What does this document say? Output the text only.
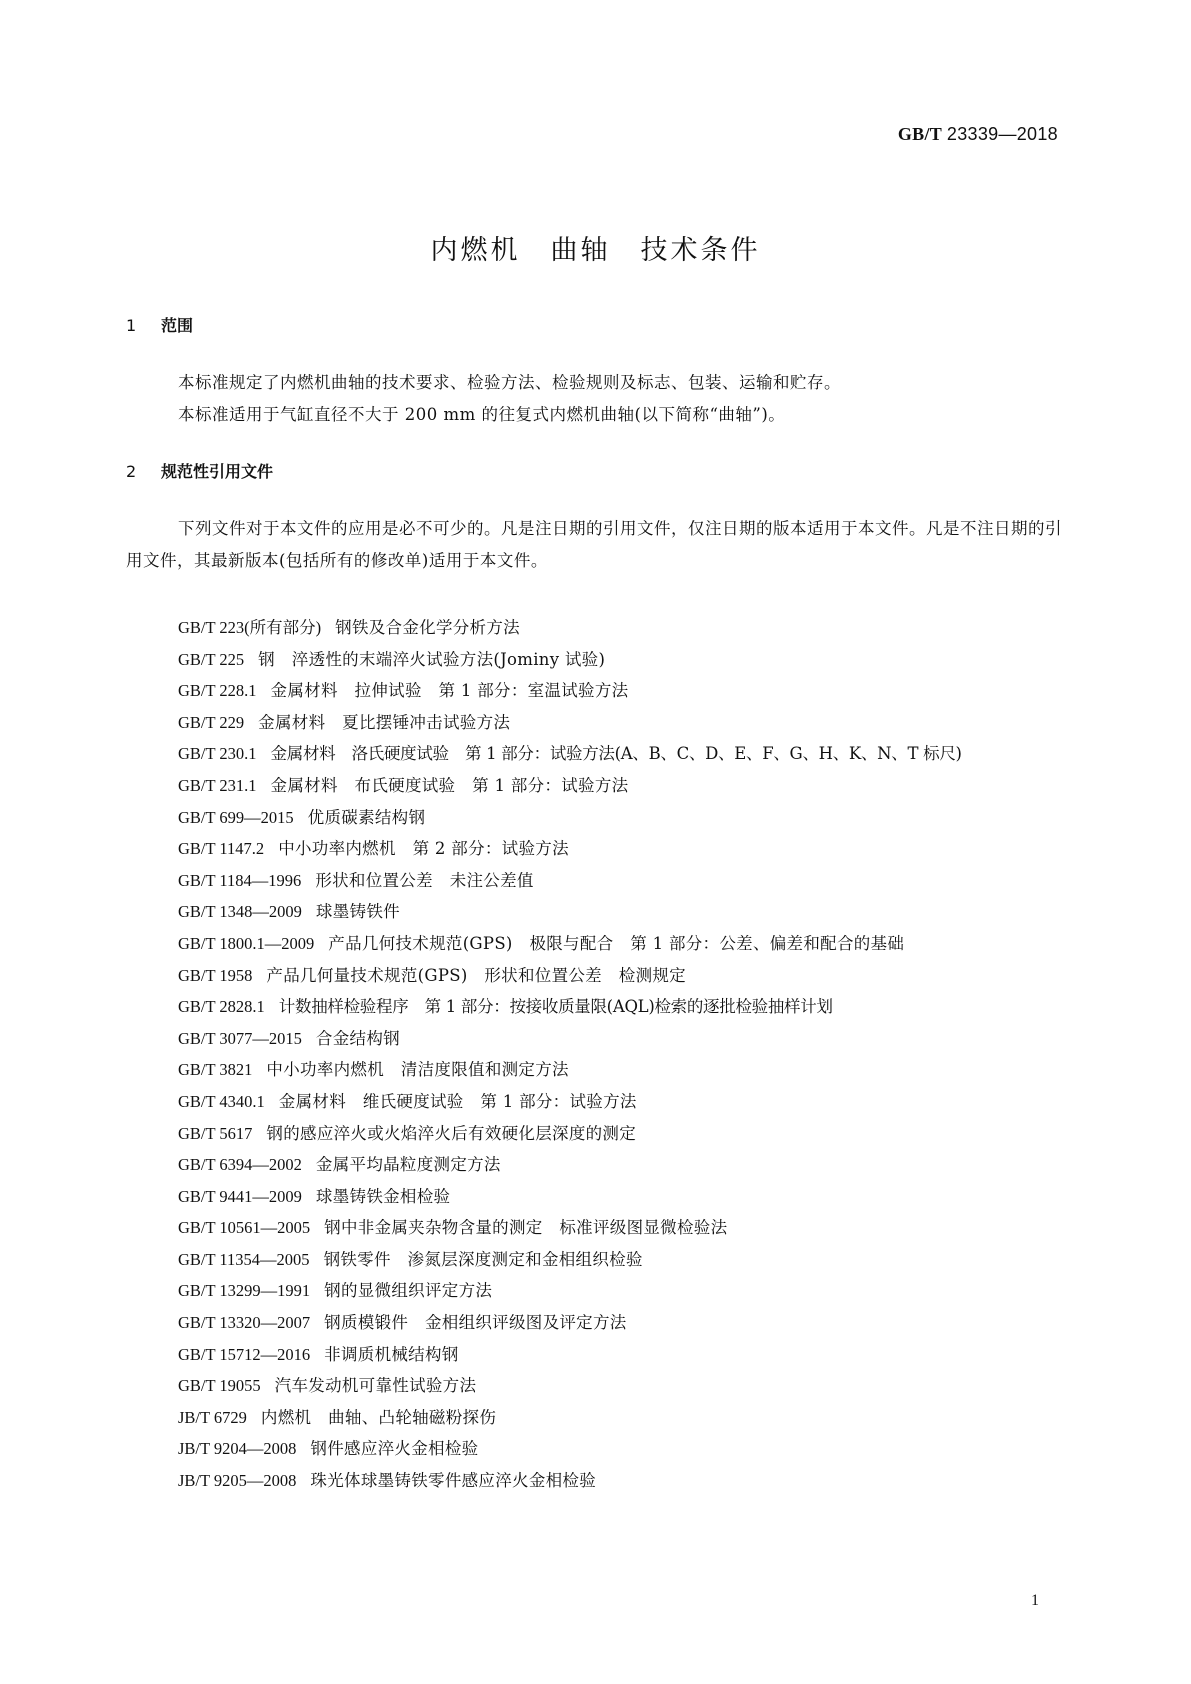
GB/T 23339—2018
内燃机 曲轴 技术条件
1 范围

本标准规定了内燃机曲轴的技术要求、检验方法、检验规则及标志、包装、运输和贮存。

本标准适用于气缸直径不大于 200 mm 的往复式内燃机曲轴(以下简称“曲轴”)。

2 规范性引用文件

下列文件对于本文件的应用是必不可少的。凡是注日期的引用文件，仅注日期的版本适用于本文件。凡是不注日期的引用文件，其最新版本(包括所有的修改单)适用于本文件。

GB/T 223(所有部分) 钢铁及合金化学分析方法
GB/T 225 钢　淬透性的末端淬火试验方法(Jominy 试验)
GB/T 228.1 金属材料　拉伸试验　第 1 部分：室温试验方法
GB/T 229 金属材料　夏比摆锤冲击试验方法
GB/T 230.1 金属材料　洛氏硬度试验　第 1 部分：试验方法(A、B、C、D、E、F、G、H、K、N、T 标尺)
GB/T 231.1 金属材料　布氏硬度试验　第 1 部分：试验方法
GB/T 699—2015 优质碳素结构钢
GB/T 1147.2 中小功率内燃机　第 2 部分：试验方法
GB/T 1184—1996 形状和位置公差　未注公差值
GB/T 1348—2009 球墨铸铁件
GB/T 1800.1—2009 产品几何技术规范(GPS)　极限与配合　第 1 部分：公差、偏差和配合的基础
GB/T 1958 产品几何量技术规范(GPS)　形状和位置公差　检测规定
GB/T 2828.1 计数抽样检验程序　第 1 部分：按接收质量限(AQL)检索的逐批检验抽样计划
GB/T 3077—2015 合金结构钢
GB/T 3821 中小功率内燃机　清洁度限值和测定方法
GB/T 4340.1 金属材料　维氏硬度试验　第 1 部分：试验方法
GB/T 5617 钢的感应淬火或火焰淬火后有效硬化层深度的测定
GB/T 6394—2002 金属平均晶粒度测定方法
GB/T 9441—2009 球墨铸铁金相检验
GB/T 10561—2005 钢中非金属夹杂物含量的测定　标准评级图显微检验法
GB/T 11354—2005 钢铁零件　渗氮层深度测定和金相组织检验
GB/T 13299—1991 钢的显微组织评定方法
GB/T 13320—2007 钢质模锻件　金相组织评级图及评定方法
GB/T 15712—2016 非调质机械结构钢
GB/T 19055 汽车发动机可靠性试验方法
JB/T 6729 内燃机　曲轴、凸轮轴磁粉探伤
JB/T 9204—2008 钢件感应淬火金相检验
JB/T 9205—2008 珠光体球墨铸铁零件感应淬火金相检验
1
